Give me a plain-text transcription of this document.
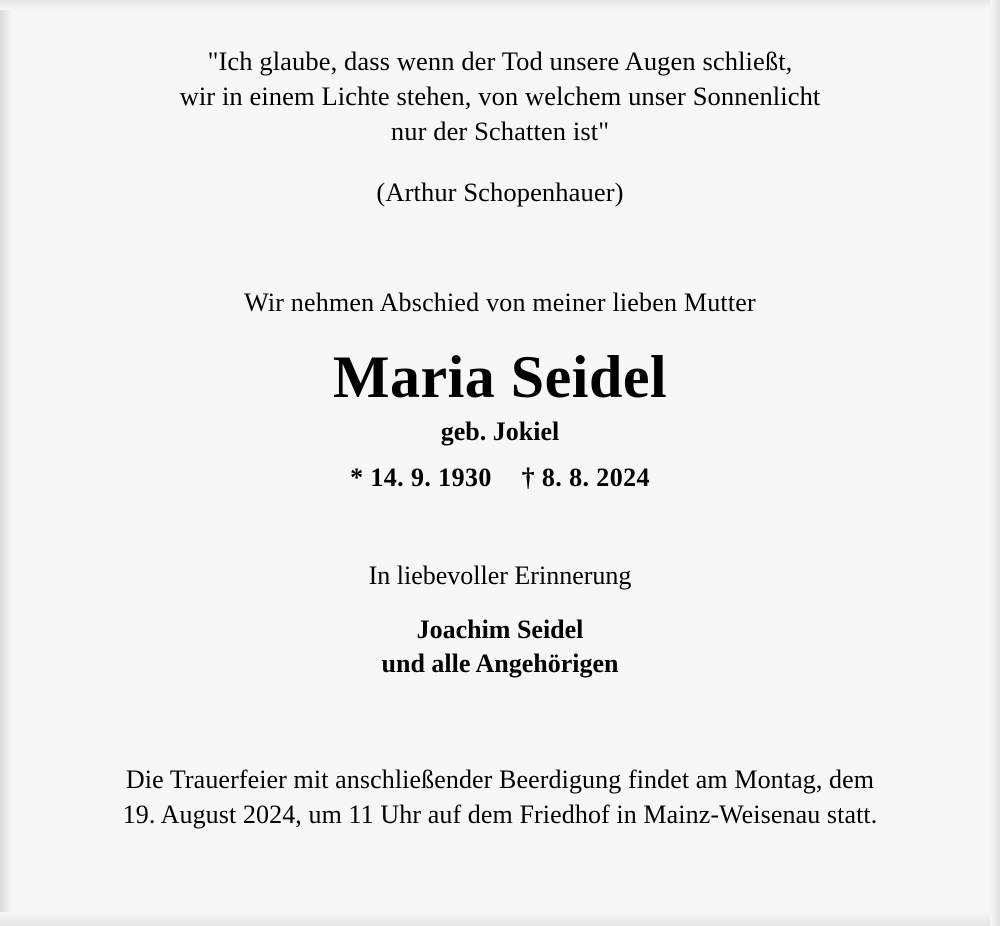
"Ich glaube, dass wenn der Tod unsere Augen schließt,
wir in einem Lichte stehen, von welchem unser Sonnenlicht
nur der Schatten ist"
(Arthur Schopenhauer)
Wir nehmen Abschied von meiner lieben Mutter
Maria Seidel
geb. Jokiel
* 14. 9. 1930 † 8. 8. 2024
In liebevoller Erinnerung
Joachim Seidel
und alle Angehörigen
Die Trauerfeier mit anschließender Beerdigung findet am Montag, dem
19. August 2024, um 11 Uhr auf dem Friedhof in Mainz-Weisenau statt.
